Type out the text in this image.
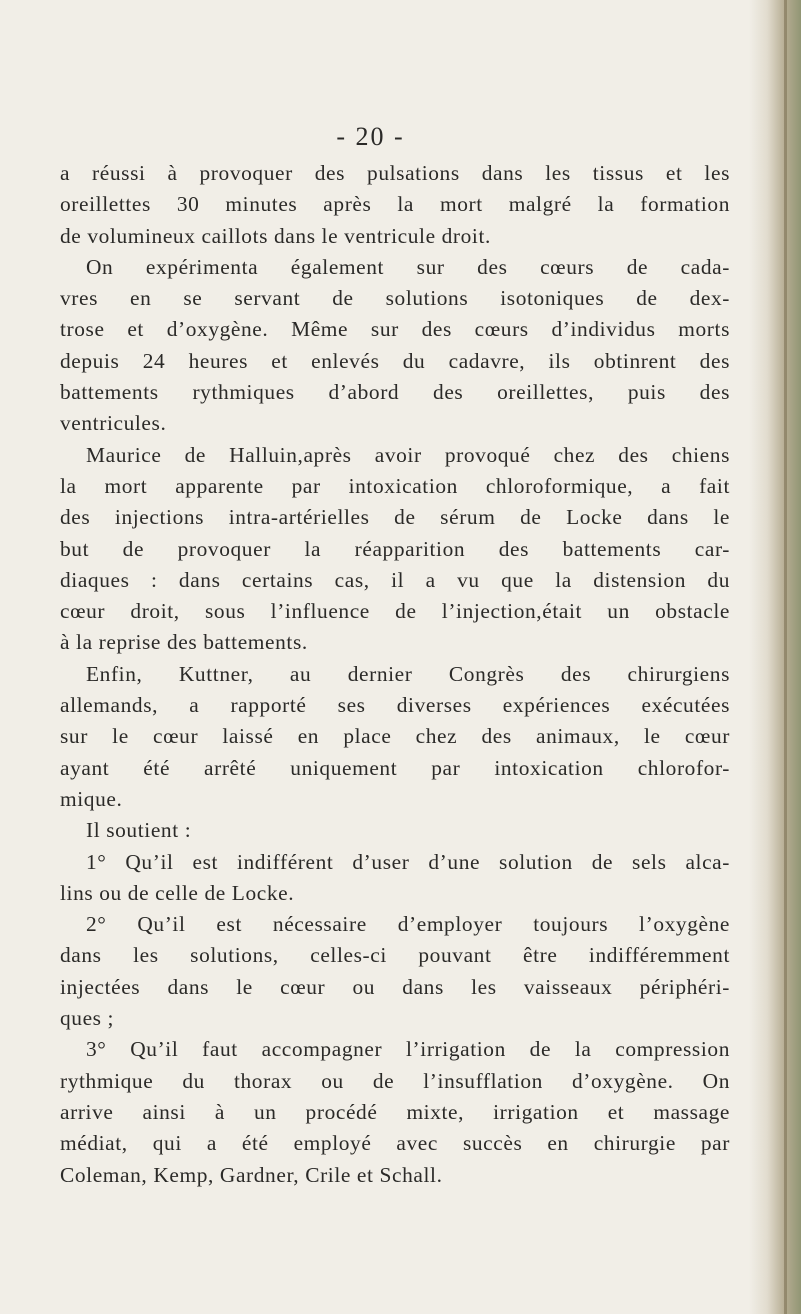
- 20 -
a réussi à provoquer des pulsations dans les tissus et les
oreillettes 30 minutes après la mort malgré la formation
de volumineux caillots dans le ventricule droit.
On expérimenta également sur des cœurs de cada-
vres en se servant de solutions isotoniques de dex-
trose et d’oxygène. Même sur des cœurs d’individus morts
depuis 24 heures et enlevés du cadavre, ils obtinrent des
battements rythmiques d’abord des oreillettes, puis des
ventricules.
Maurice de Halluin,après avoir provoqué chez des chiens
la mort apparente par intoxication chloroformique, a fait
des injections intra-artérielles de sérum de Locke dans le
but de provoquer la réapparition des battements car-
diaques : dans certains cas, il a vu que la distension du
cœur droit, sous l’influence de l’injection,était un obstacle
à la reprise des battements.
Enfin, Kuttner, au dernier Congrès des chirurgiens
allemands, a rapporté ses diverses expériences exécutées
sur le cœur laissé en place chez des animaux, le cœur
ayant été arrêté uniquement par intoxication chlorofor-
mique.
Il soutient :
1° Qu’il est indifférent d’user d’une solution de sels alca-
lins ou de celle de Locke.
2° Qu’il est nécessaire d’employer toujours l’oxygène
dans les solutions, celles-ci pouvant être indifféremment
injectées dans le cœur ou dans les vaisseaux périphéri-
ques ;
3° Qu’il faut accompagner l’irrigation de la compression
rythmique du thorax ou de l’insufflation d’oxygène. On
arrive ainsi à un procédé mixte, irrigation et massage
médiat, qui a été employé avec succès en chirurgie par
Coleman, Kemp, Gardner, Crile et Schall.
